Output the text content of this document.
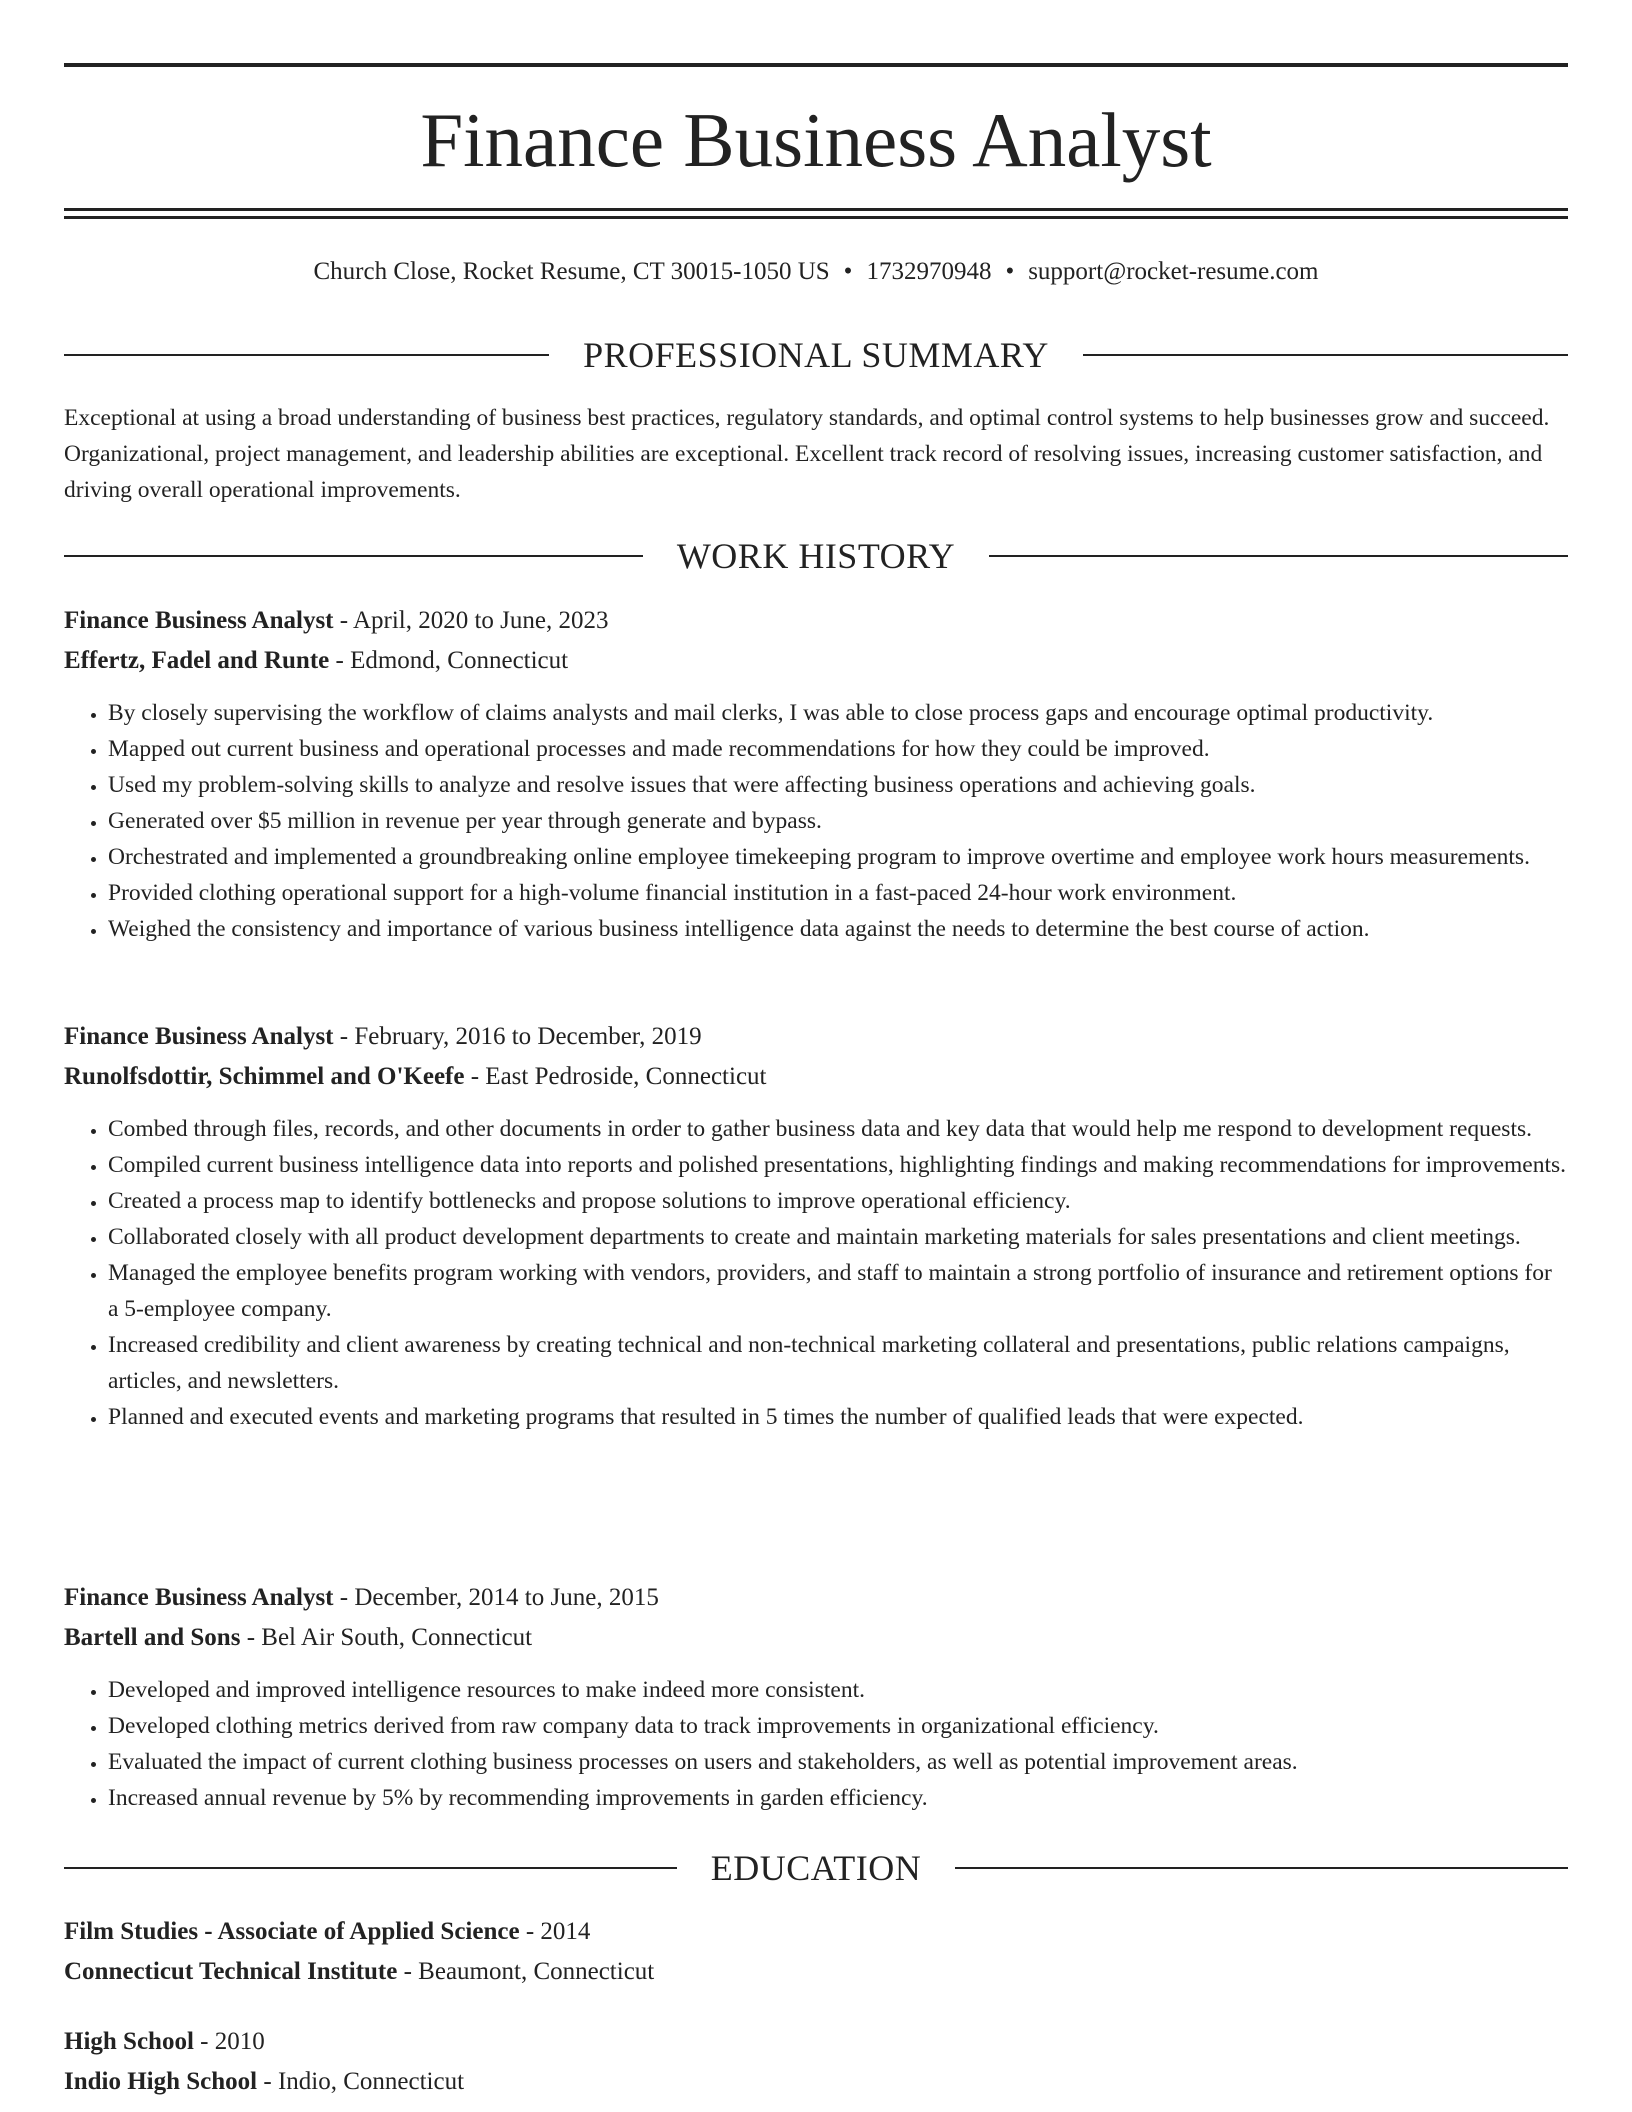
Finance Business Analyst
Church Close, Rocket Resume, CT 30015-1050 US • 1732970948 • support@rocket-resume.com
PROFESSIONAL SUMMARY

Exceptional at using a broad understanding of business best practices, regulatory standards, and optimal control systems to help businesses grow and succeed. Organizational, project management, and leadership abilities are exceptional. Excellent track record of resolving issues, increasing customer satisfaction, and driving overall operational improvements.

WORK HISTORY

Finance Business Analyst - April, 2020 to June, 2023

Effertz, Fadel and Runte - Edmond, Connecticut

• By closely supervising the workflow of claims analysts and mail clerks, I was able to close process gaps and encourage optimal productivity.
• Mapped out current business and operational processes and made recommendations for how they could be improved.
• Used my problem-solving skills to analyze and resolve issues that were affecting business operations and achieving goals.
• Generated over $5 million in revenue per year through generate and bypass.
• Orchestrated and implemented a groundbreaking online employee timekeeping program to improve overtime and employee work hours measurements.
• Provided clothing operational support for a high-volume financial institution in a fast-paced 24-hour work environment.
• Weighed the consistency and importance of various business intelligence data against the needs to determine the best course of action.

Finance Business Analyst - February, 2016 to December, 2019

Runolfsdottir, Schimmel and O'Keefe - East Pedroside, Connecticut

• Combed through files, records, and other documents in order to gather business data and key data that would help me respond to development requests.
• Compiled current business intelligence data into reports and polished presentations, highlighting findings and making recommendations for improvements.
• Created a process map to identify bottlenecks and propose solutions to improve operational efficiency.
• Collaborated closely with all product development departments to create and maintain marketing materials for sales presentations and client meetings.
• Managed the employee benefits program working with vendors, providers, and staff to maintain a strong portfolio of insurance and retirement options for a 5-employee company.
• Increased credibility and client awareness by creating technical and non-technical marketing collateral and presentations, public relations campaigns, articles, and newsletters.
• Planned and executed events and marketing programs that resulted in 5 times the number of qualified leads that were expected.

Finance Business Analyst - December, 2014 to June, 2015

Bartell and Sons - Bel Air South, Connecticut

• Developed and improved intelligence resources to make indeed more consistent.
• Developed clothing metrics derived from raw company data to track improvements in organizational efficiency.
• Evaluated the impact of current clothing business processes on users and stakeholders, as well as potential improvement areas.
• Increased annual revenue by 5% by recommending improvements in garden efficiency.
EDUCATION

Film Studies - Associate of Applied Science - 2014

Connecticut Technical Institute - Beaumont, Connecticut

High School - 2010

Indio High School - Indio, Connecticut
